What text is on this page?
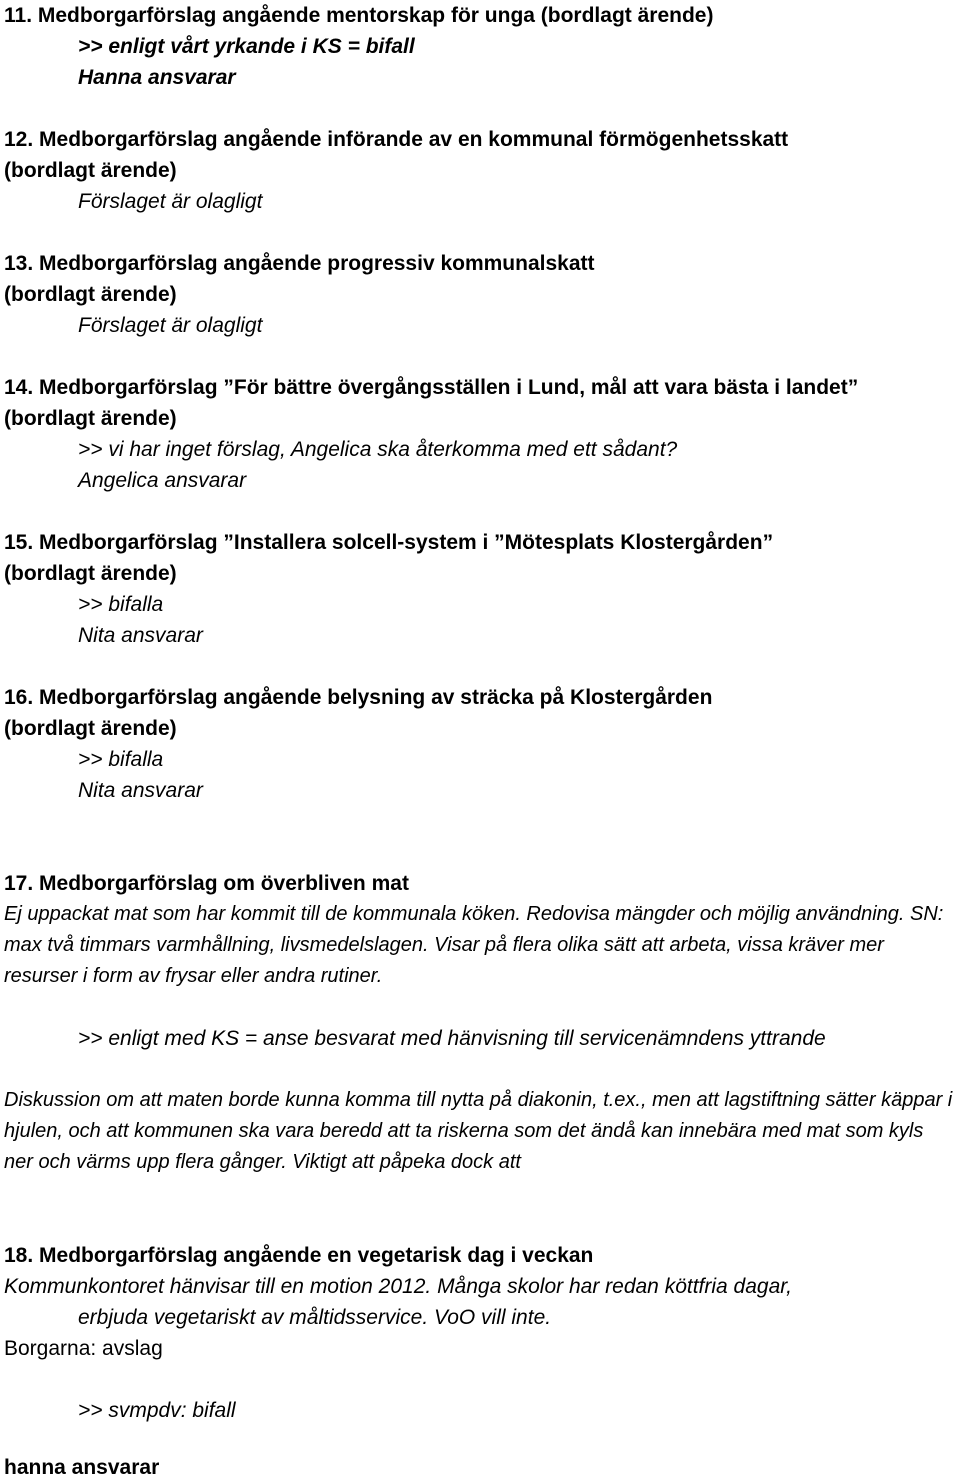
11. Medborgarförslag angående mentorskap för unga (bordlagt ärende)
>> enligt vårt yrkande i KS = bifall
Hanna ansvarar
12. Medborgarförslag angående införande av en kommunal förmögenhetsskatt
(bordlagt ärende)
Förslaget är olagligt
13. Medborgarförslag angående progressiv kommunalskatt
(bordlagt ärende)
Förslaget är olagligt
14. Medborgarförslag ”För bättre övergångsställen i Lund, mål att vara bästa i landet”
(bordlagt ärende)
>> vi har inget förslag, Angelica ska återkomma med ett sådant?
Angelica ansvarar
15. Medborgarförslag ”Installera solcell-system i ”Mötesplats Klostergården”
(bordlagt ärende)
>> bifalla
Nita ansvarar
16. Medborgarförslag angående belysning av sträcka på Klostergården
(bordlagt ärende)
>> bifalla
Nita ansvarar
17. Medborgarförslag om överbliven mat
Ej uppackat mat som har kommit till de kommunala köken. Redovisa mängder och möjlig användning. SN: max två timmars varmhållning, livsmedelslagen. Visar på flera olika sätt att arbeta, vissa kräver mer resurser i form av frysar eller andra rutiner.
>> enligt med KS = anse besvarat med hänvisning till servicenämndens yttrande
Diskussion om att maten borde kunna komma till nytta på diakonin, t.ex., men att lagstiftning sätter käppar i hjulen, och att kommunen ska vara beredd att ta riskerna som det ändå kan innebära med mat som kyls ner och värms upp flera gånger. Viktigt att påpeka dock att
18. Medborgarförslag angående en vegetarisk dag i veckan
Kommunkontoret hänvisar till en motion 2012. Många skolor har redan köttfria dagar,
erbjuda vegetariskt av måltidsservice. VoO vill inte.
Borgarna: avslag
>> svmpdv: bifall
hanna ansvarar
